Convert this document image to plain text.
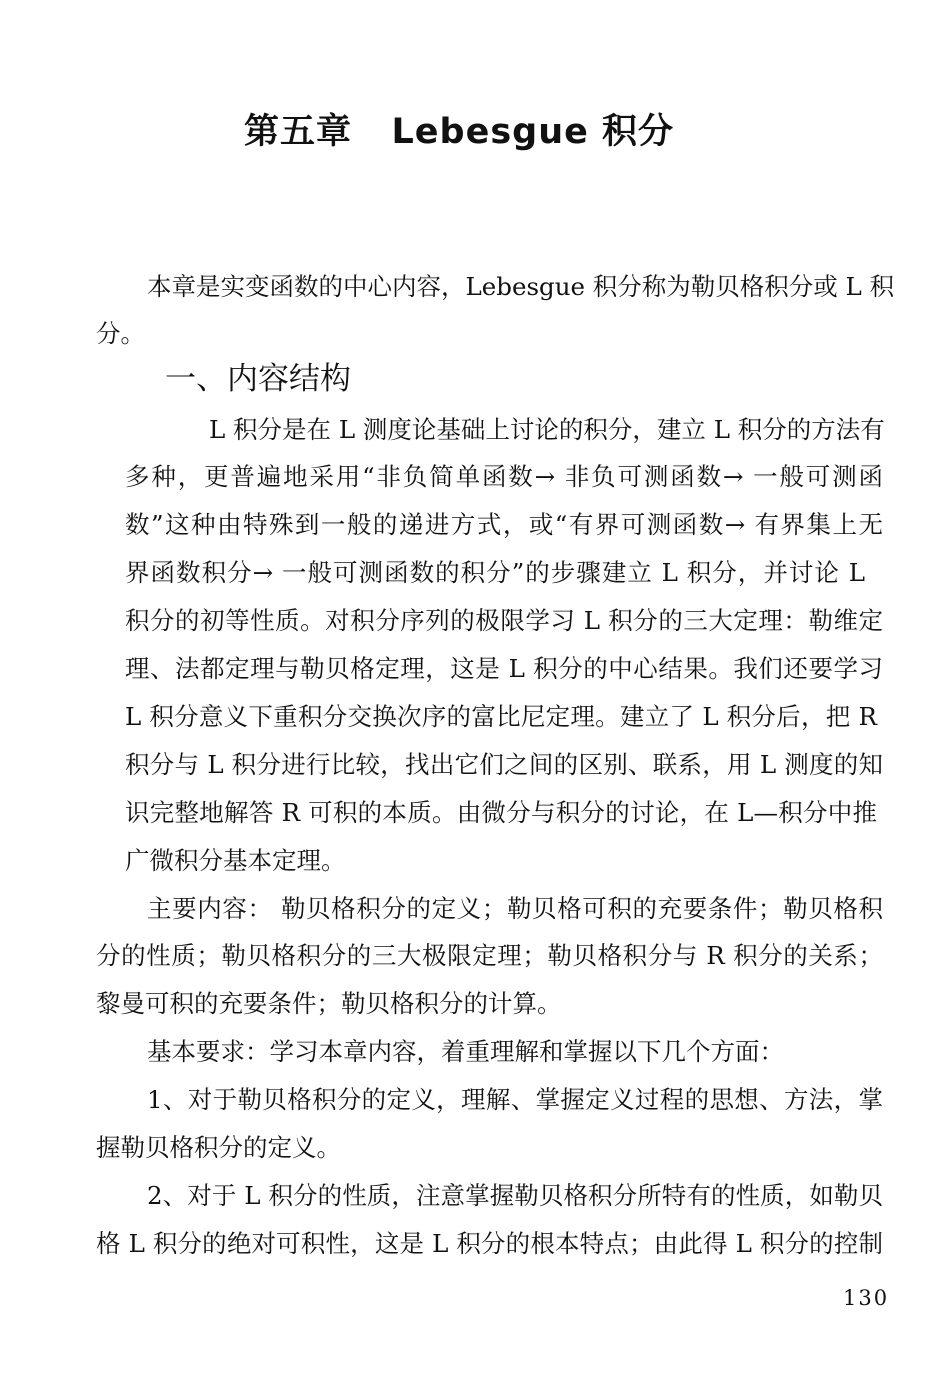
第五章   Lebesgue 积分
本章是实变函数的中心内容，Lebesgue 积分称为勒贝格积分或 L 积
分。
一、内容结构
L 积分是在 L 测度论基础上讨论的积分，建立 L 积分的方法有
多种，更普遍地采用“非负简单函数→ 非负可测函数→ 一般可测函
数”这种由特殊到一般的递进方式，或“有界可测函数→ 有界集上无
界函数积分→ 一般可测函数的积分”的步骤建立 L 积分，并讨论 L
积分的初等性质。对积分序列的极限学习 L 积分的三大定理：勒维定
理、法都定理与勒贝格定理，这是 L 积分的中心结果。我们还要学习
L 积分意义下重积分交换次序的富比尼定理。建立了 L 积分后，把 R
积分与 L 积分进行比较，找出它们之间的区别、联系，用 L 测度的知
识完整地解答 R 可积的本质。由微分与积分的讨论，在 L—积分中推
广微积分基本定理。
主要内容： 勒贝格积分的定义；勒贝格可积的充要条件；勒贝格积
分的性质；勒贝格积分的三大极限定理；勒贝格积分与 R 积分的关系；
黎曼可积的充要条件；勒贝格积分的计算。
基本要求：学习本章内容，着重理解和掌握以下几个方面：
1、对于勒贝格积分的定义，理解、掌握定义过程的思想、方法，掌
握勒贝格积分的定义。
2、对于 L 积分的性质，注意掌握勒贝格积分所特有的性质，如勒贝
格 L 积分的绝对可积性，这是 L 积分的根本特点；由此得 L 积分的控制
130
